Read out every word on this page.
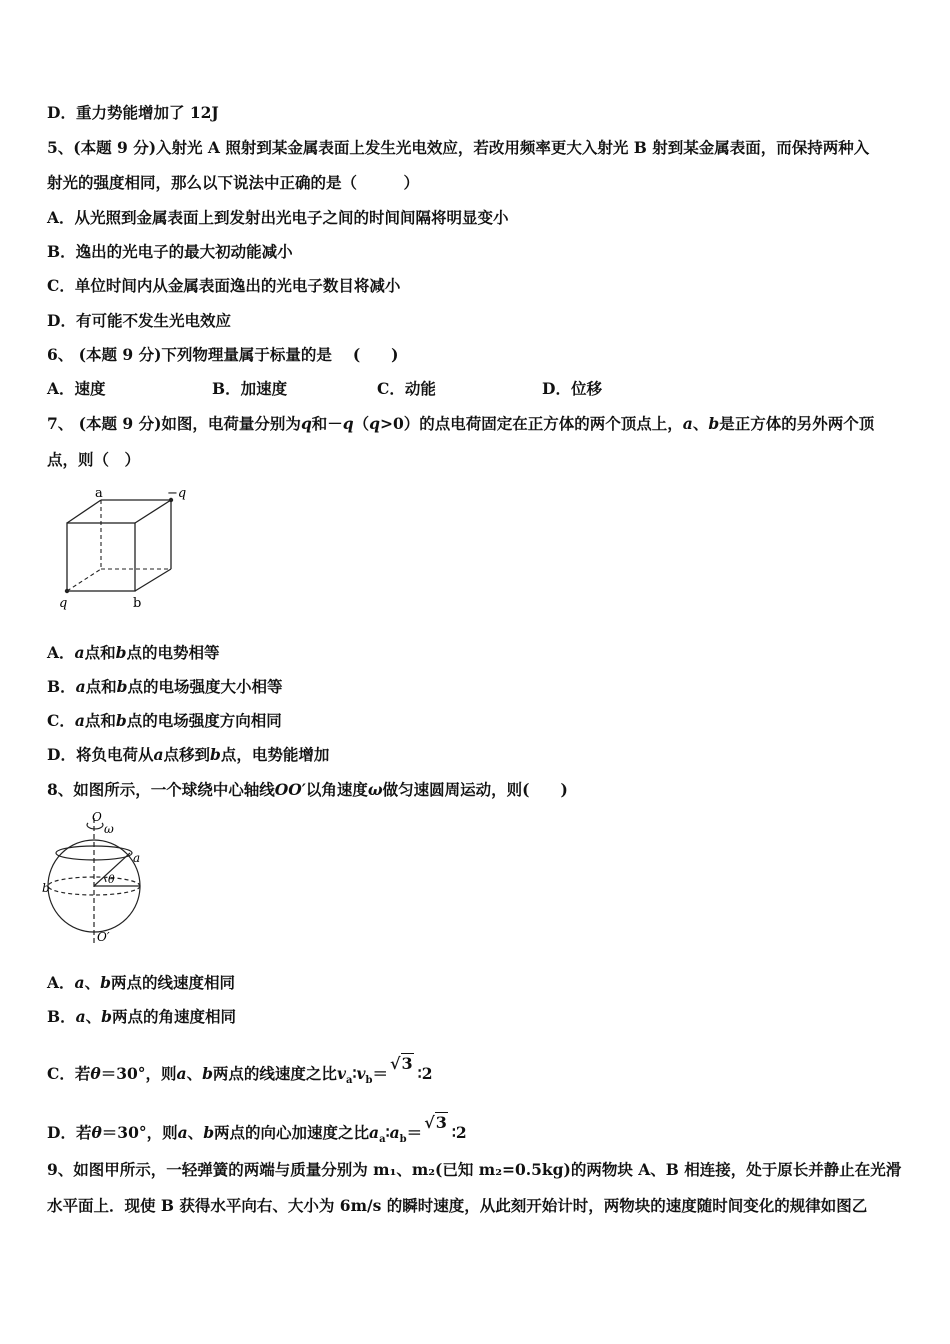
D．重力势能增加了 12J
5、(本题 9 分)入射光 A 照射到某金属表面上发生光电效应，若改用频率更大入射光 B 射到某金属表面，而保持两种入
射光的强度相同，那么以下说法中正确的是（　　　）
A．从光照到金属表面上到发射出光电子之间的时间间隔将明显变小
B．逸出的光电子的最大初动能减小
C．单位时间内从金属表面逸出的光电子数目将减小
D．有可能不发生光电效应
6、 (本题 9 分)下列物理量属于标量的是　 (　　)
A．速度	B．加速度	C．动能	D．位移
7、 (本题 9 分)如图，电荷量分别为q和－q（q>0）的点电荷固定在正方体的两个顶点上，a、b是正方体的另外两个顶
点，则（　）
a	−q
q	b
A．a点和b点的电势相等
B．a点和b点的电场强度大小相等
C．a点和b点的电场强度方向相同
D．将负电荷从a点移到b点，电势能增加
8、如图所示，一个球绕中心轴线OO′以角速度ω做匀速圆周运动，则(　　)
O
ω
a
b
θ
O′
A．a、b两点的线速度相同
B．a、b两点的角速度相同
C．若θ＝30°，则a、b两点的线速度之比$v_a∶v_b=√3∶2$
D．若θ＝30°，则a、b两点的向心加速度之比$a_a∶a_b=√3∶2$
9、如图甲所示，一轻弹簧的两端与质量分别为 m₁、m₂(已知 m₂=0.5kg)的两物块 A、B 相连接，处于原长并静止在光滑
水平面上．现使 B 获得水平向右、大小为 6m/s 的瞬时速度，从此刻开始计时，两物块的速度随时间变化的规律如图乙
